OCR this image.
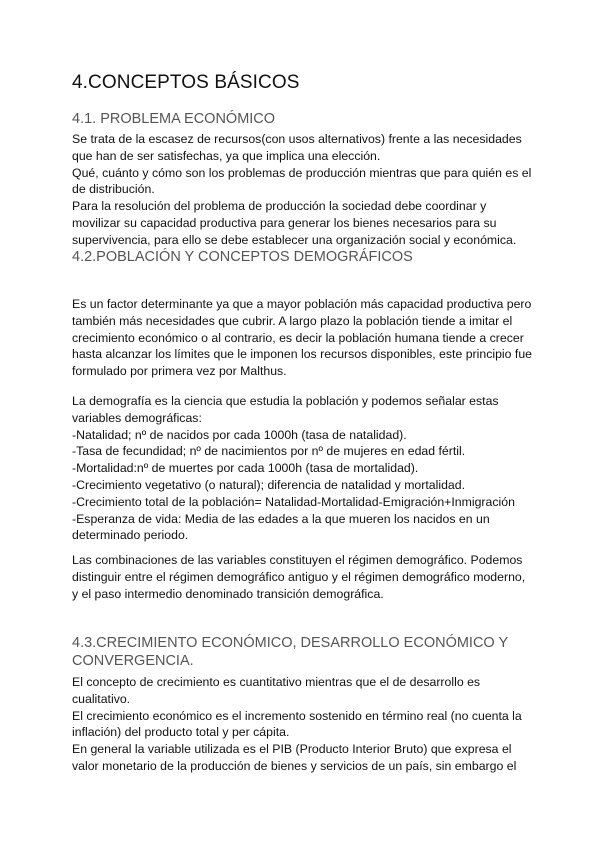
4.CONCEPTOS BÁSICOS
4.1. PROBLEMA ECONÓMICO

Se trata de la escasez de recursos(con usos alternativos) frente a las necesidades que han de ser satisfechas, ya que implica una elección.

Qué, cuánto y cómo son los problemas de producción mientras que para quién es el de distribución.

Para la resolución del problema de producción la sociedad debe coordinar y movilizar su capacidad productiva para generar los bienes necesarios para su supervivencia, para ello se debe establecer una organización social y económica.

4.2.POBLACIÓN Y CONCEPTOS DEMOGRÁFICOS

Es un factor determinante ya que a mayor población más capacidad productiva pero también más necesidades que cubrir. A largo plazo la población tiende a imitar el crecimiento económico o al contrario, es decir la población humana tiende a crecer hasta alcanzar los límites que le imponen los recursos disponibles, este principio fue formulado por primera vez por Malthus.

La demografía es la ciencia que estudia la población y podemos señalar estas variables demográficas:

-Natalidad; nº de nacidos por cada 1000h (tasa de natalidad).

-Tasa de fecundidad; nº de nacimientos por nº de mujeres en edad fértil.

-Mortalidad:nº de muertes por cada 1000h (tasa de mortalidad).

-Crecimiento vegetativo (o natural); diferencia de natalidad y mortalidad.

-Crecimiento total de la población= Natalidad-Mortalidad-Emigración+Inmigración

-Esperanza de vida: Media de las edades a la que mueren los nacidos en un determinado periodo.

Las combinaciones de las variables constituyen el régimen demográfico. Podemos distinguir entre el régimen demográfico antiguo y el régimen demográfico moderno, y el paso intermedio denominado transición demográfica.

4.3.CRECIMIENTO ECONÓMICO, DESARROLLO ECONÓMICO Y CONVERGENCIA.

El concepto de crecimiento es cuantitativo mientras que el de desarrollo es cualitativo.

El crecimiento económico es el incremento sostenido en término real (no cuenta la inflación) del producto total y per cápita.

En general la variable utilizada es el PIB (Producto Interior Bruto) que expresa el valor monetario de la producción de bienes y servicios de un país, sin embargo el
